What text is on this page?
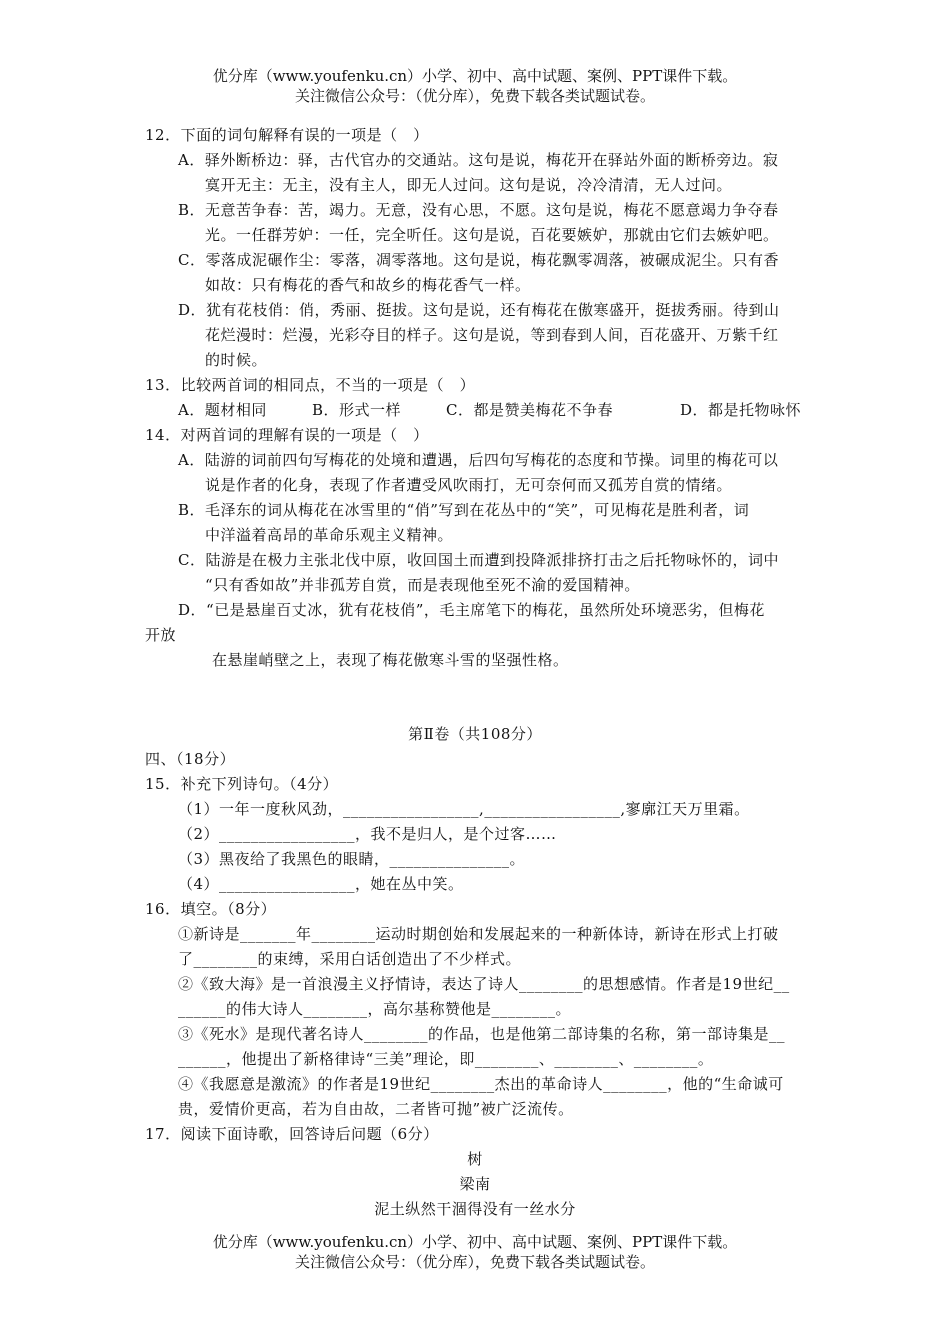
优分库（www.youfenku.cn）小学、初中、高中试题、案例、PPT课件下载。
关注微信公众号：（优分库），免费下载各类试题试卷。
12．下面的词句解释有误的一项是（　）
A．驿外断桥边：驿，古代官办的交通站。这句是说，梅花开在驿站外面的断桥旁边。寂
寞开无主：无主，没有主人，即无人过问。这句是说，冷冷清清，无人过问。
B．无意苦争春：苦，竭力。无意，没有心思，不愿。这句是说，梅花不愿意竭力争夺春
光。一任群芳妒：一任，完全听任。这句是说，百花要嫉妒，那就由它们去嫉妒吧。
C．零落成泥碾作尘：零落，凋零落地。这句是说，梅花飘零凋落，被碾成泥尘。只有香
如故：只有梅花的香气和故乡的梅花香气一样。
D．犹有花枝俏：俏，秀丽、挺拔。这句是说，还有梅花在傲寒盛开，挺拔秀丽。待到山
花烂漫时：烂漫，光彩夺目的样子。这句是说，等到春到人间，百花盛开、万紫千红
的时候。
13．比较两首词的相同点，不当的一项是（　）
A．题材相同	B．形式一样	C．都是赞美梅花不争春	D．都是托物咏怀
14．对两首词的理解有误的一项是（　）
A．陆游的词前四句写梅花的处境和遭遇，后四句写梅花的态度和节操。词里的梅花可以
说是作者的化身，表现了作者遭受风吹雨打，无可奈何而又孤芳自赏的情绪。
B．毛泽东的词从梅花在冰雪里的“俏”写到在花丛中的“笑”，可见梅花是胜利者，词
中洋溢着高昂的革命乐观主义精神。
C．陆游是在极力主张北伐中原，收回国土而遭到投降派排挤打击之后托物咏怀的，词中
“只有香如故”并非孤芳自赏，而是表现他至死不渝的爱国精神。
D．“已是悬崖百丈冰，犹有花枝俏”，毛主席笔下的梅花，虽然所处环境恶劣，但梅花
开放
在悬崖峭壁之上，表现了梅花傲寒斗雪的坚强性格。
第Ⅱ卷（共108分）
四、（18分）
15．补充下列诗句。（4分）
（1）一年一度秋风劲，_________________,_________________,寥廓江天万里霜。
（2）_________________，我不是归人，是个过客……
（3）黑夜给了我黑色的眼睛，_______________。
（4）_________________，她在丛中笑。
16．填空。（8分）
①新诗是_______年________运动时期创始和发展起来的一种新体诗，新诗在形式上打破
了________的束缚，采用白话创造出了不少样式。
②《致大海》是一首浪漫主义抒情诗，表达了诗人________的思想感情。作者是19世纪__
______的伟大诗人________，高尔基称赞他是________。
③《死水》是现代著名诗人________的作品，也是他第二部诗集的名称，第一部诗集是__
______，他提出了新格律诗“三美”理论，即________、________、________。
④《我愿意是激流》的作者是19世纪________杰出的革命诗人________，他的“生命诚可
贵，爱情价更高，若为自由故，二者皆可抛”被广泛流传。
17．阅读下面诗歌，回答诗后问题（6分）
树
梁南
泥土纵然干涸得没有一丝水分
优分库（www.youfenku.cn）小学、初中、高中试题、案例、PPT课件下载。
关注微信公众号：（优分库），免费下载各类试题试卷。
